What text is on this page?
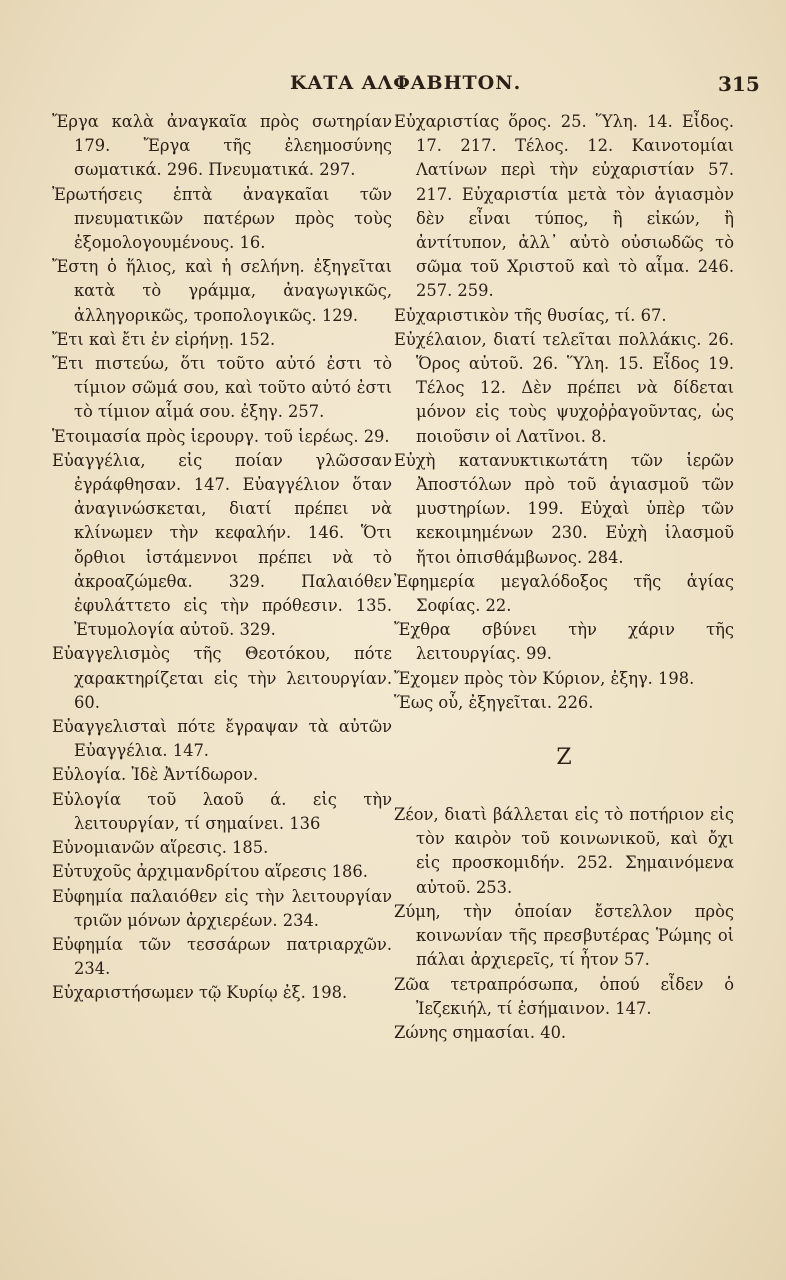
ΚΑΤΑ ΑΛΦΑΒΗΤΟΝ.	315
Ἔργα καλὰ ἀναγκαῖα πρὸς σωτηρίαν 179. Ἔργα τῆς ἐλεημοσύνης σωματικά. 296. Πνευματικά. 297.
Ἐρωτήσεις ἑπτὰ ἀναγκαῖαι τῶν πνευματικῶν πατέρων πρὸς τοὺς ἐξομολογουμένους. 16.
Ἔστη ὁ ἥλιος, καὶ ἡ σελήνη. ἐξηγεῖται κατὰ τὸ γράμμα, ἀναγωγικῶς, ἀλληγορικῶς, τροπολογικῶς. 129.
Ἔτι καὶ ἔτι ἐν εἰρήνῃ. 152.
Ἔτι πιστεύω, ὅτι τοῦτο αὐτό ἐστι τὸ τίμιον σῶμά σου, καὶ τοῦτο αὐτό ἐστι τὸ τίμιον αἷμά σου. ἐξηγ. 257.
Ἑτοιμασία πρὸς ἱερουργ. τοῦ ἱερέως. 29.
Εὐαγγέλια, εἰς ποίαν γλῶσσαν ἐγράφθησαν. 147. Εὐαγγέλιον ὅταν ἀναγινώσκεται, διατί πρέπει νὰ κλίνωμεν τὴν κεφαλήν. 146. Ὅτι ὄρθιοι ἱστάμεννοι πρέπει νὰ τὸ ἀκροαζώμεθα. 329. Παλαιόθεν ἐφυλάττετο εἰς τὴν πρόθεσιν. 135. Ἐτυμολογία αὐτοῦ. 329.
Εὐαγγελισμὸς τῆς Θεοτόκου, πότε χαρακτηρίζεται εἰς τὴν λειτουργίαν. 60.
Εὐαγγελισταὶ πότε ἔγραψαν τὰ αὐτῶν Εὐαγγέλια. 147.
Εὐλογία. Ἰδὲ Ἀντίδωρον.
Εὐλογία τοῦ λαοῦ ά. εἰς τὴν λειτουργίαν, τί σημαίνει. 136
Εὐνομιανῶν αἵρεσις. 185.
Εὐτυχοῦς ἀρχιμανδρίτου αἵρεσις 186.
Εὐφημία παλαιόθεν εἰς τὴν λειτουργίαν τριῶν μόνων ἀρχιερέων. 234.
Εὐφημία τῶν τεσσάρων πατριαρχῶν. 234.
Εὐχαριστήσωμεν τῷ Κυρίῳ ἐξ. 198.
Εὐχαριστίας ὅρος. 25. Ὕλη. 14. Εἶδος. 17. 217. Τέλος. 12. Καινοτομίαι Λατίνων περὶ τὴν εὐχαριστίαν 57. 217. Εὐχαριστία μετὰ τὸν ἁγιασμὸν δὲν εἶναι τύπος, ἢ εἰκών, ἢ ἀντίτυπον, ἀλλ᾽ αὐτὸ οὐσιωδῶς τὸ σῶμα τοῦ Χριστοῦ καὶ τὸ αἷμα. 246. 257. 259.
Εὐχαριστικὸν τῆς θυσίας, τί. 67.
Εὐχέλαιον, διατί τελεῖται πολλάκις. 26. Ὅρος αὐτοῦ. 26. Ὕλη. 15. Εἶδος 19. Τέλος 12. Δὲν πρέπει νὰ δίδεται μόνον εἰς τοὺς ψυχοῤῥαγοῦντας, ὡς ποιοῦσιν οἱ Λατῖνοι. 8.
Εὐχὴ κατανυκτικωτάτη τῶν ἱερῶν Ἀποστόλων πρὸ τοῦ ἁγιασμοῦ τῶν μυστηρίων. 199. Εὐχαὶ ὑπὲρ τῶν κεκοιμημένων 230. Εὐχὴ ἱλασμοῦ ἤτοι ὀπισθάμβωνος. 284.
Ἐφημερία μεγαλόδοξος τῆς ἁγίας Σοφίας. 22.
Ἔχθρα σβύνει τὴν χάριν τῆς λειτουργίας. 99.
Ἔχομεν πρὸς τὸν Κύριον, ἐξηγ. 198.
Ἕως οὗ, ἐξηγεῖται. 226.
Ζ
Ζέον, διατὶ βάλλεται εἰς τὸ ποτήριον εἰς τὸν καιρὸν τοῦ κοινωνικοῦ, καὶ ὄχι εἰς προσκομιδήν. 252. Σημαινόμενα αὐτοῦ. 253.
Ζύμη, τὴν ὁποίαν ἔστελλον πρὸς κοινωνίαν τῆς πρεσβυτέρας Ῥώμης οἱ πάλαι ἀρχιερεῖς, τί ἦτον 57.
Ζῶα τετραπρόσωπα, ὁπού εἶδεν ὁ Ἰεζεκιήλ, τί ἐσήμαινον. 147.
Ζώνης σημασίαι. 40.
